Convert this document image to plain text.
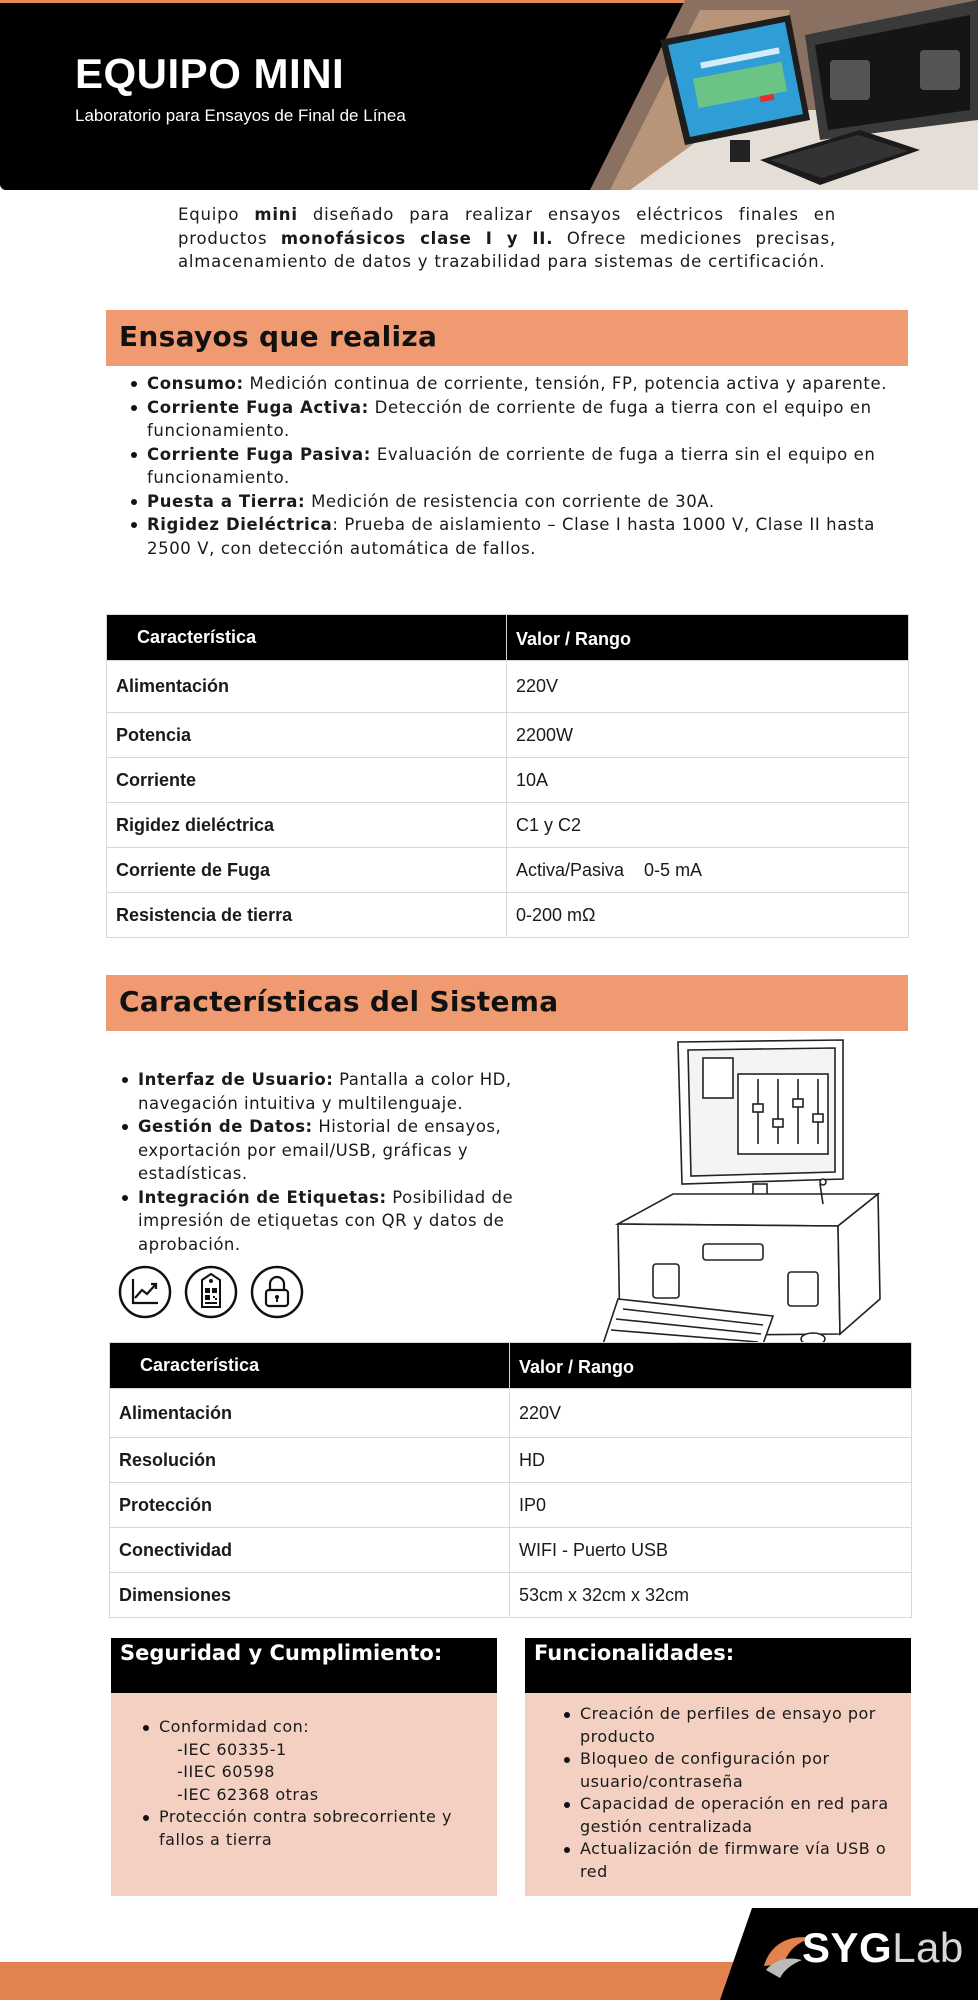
EQUIPO MINI
Laboratorio para Ensayos de Final de Línea

Equipo mini diseñado para realizar ensayos eléctricos finales en productos monofásicos clase I y II. Ofrece mediciones precisas, almacenamiento de datos y trazabilidad para sistemas de certificación.

Ensayos que realiza
Consumo: Medición continua de corriente, tensión, FP, potencia activa y aparente.
Corriente Fuga Activa: Detección de corriente de fuga a tierra con el equipo en funcionamiento.
Corriente Fuga Pasiva: Evaluación de corriente de fuga a tierra sin el equipo en funcionamiento.
Puesta a Tierra: Medición de resistencia con corriente de 30A.
Rigidez Dieléctrica: Prueba de aislamiento – Clase I hasta 1000 V, Clase II hasta 2500 V, con detección automática de fallos.
Característica	Valor / Rango
Alimentación	220V
Potencia	2200W
Corriente	10A
Rigidez dieléctrica	C1 y C2
Corriente de Fuga	Activa/Pasiva    0-5 mA
Resistencia de tierra	0-200 mΩ
Características del Sistema
Interfaz de Usuario: Pantalla a color HD, navegación intuitiva y multilenguaje.
Gestión de Datos: Historial de ensayos, exportación por email/USB, gráficas y estadísticas.
Integración de Etiquetas: Posibilidad de impresión de etiquetas con QR y datos de aprobación.
Característica	Valor / Rango
Alimentación	220V
Resolución	HD
Protección	IP0
Conectividad	WIFI - Puerto USB
Dimensiones	53cm x 32cm x 32cm
Seguridad y Cumplimiento:
Conformidad con:
-IEC 60335-1
-IIEC 60598
-IEC 62368 otras
Protección contra sobrecorriente y fallos a tierra
Funcionalidades:
Creación de perfiles de ensayo por producto
Bloqueo de configuración por usuario/contraseña
Capacidad de operación en red para gestión centralizada
Actualización de firmware vía USB o red
SYGLab
